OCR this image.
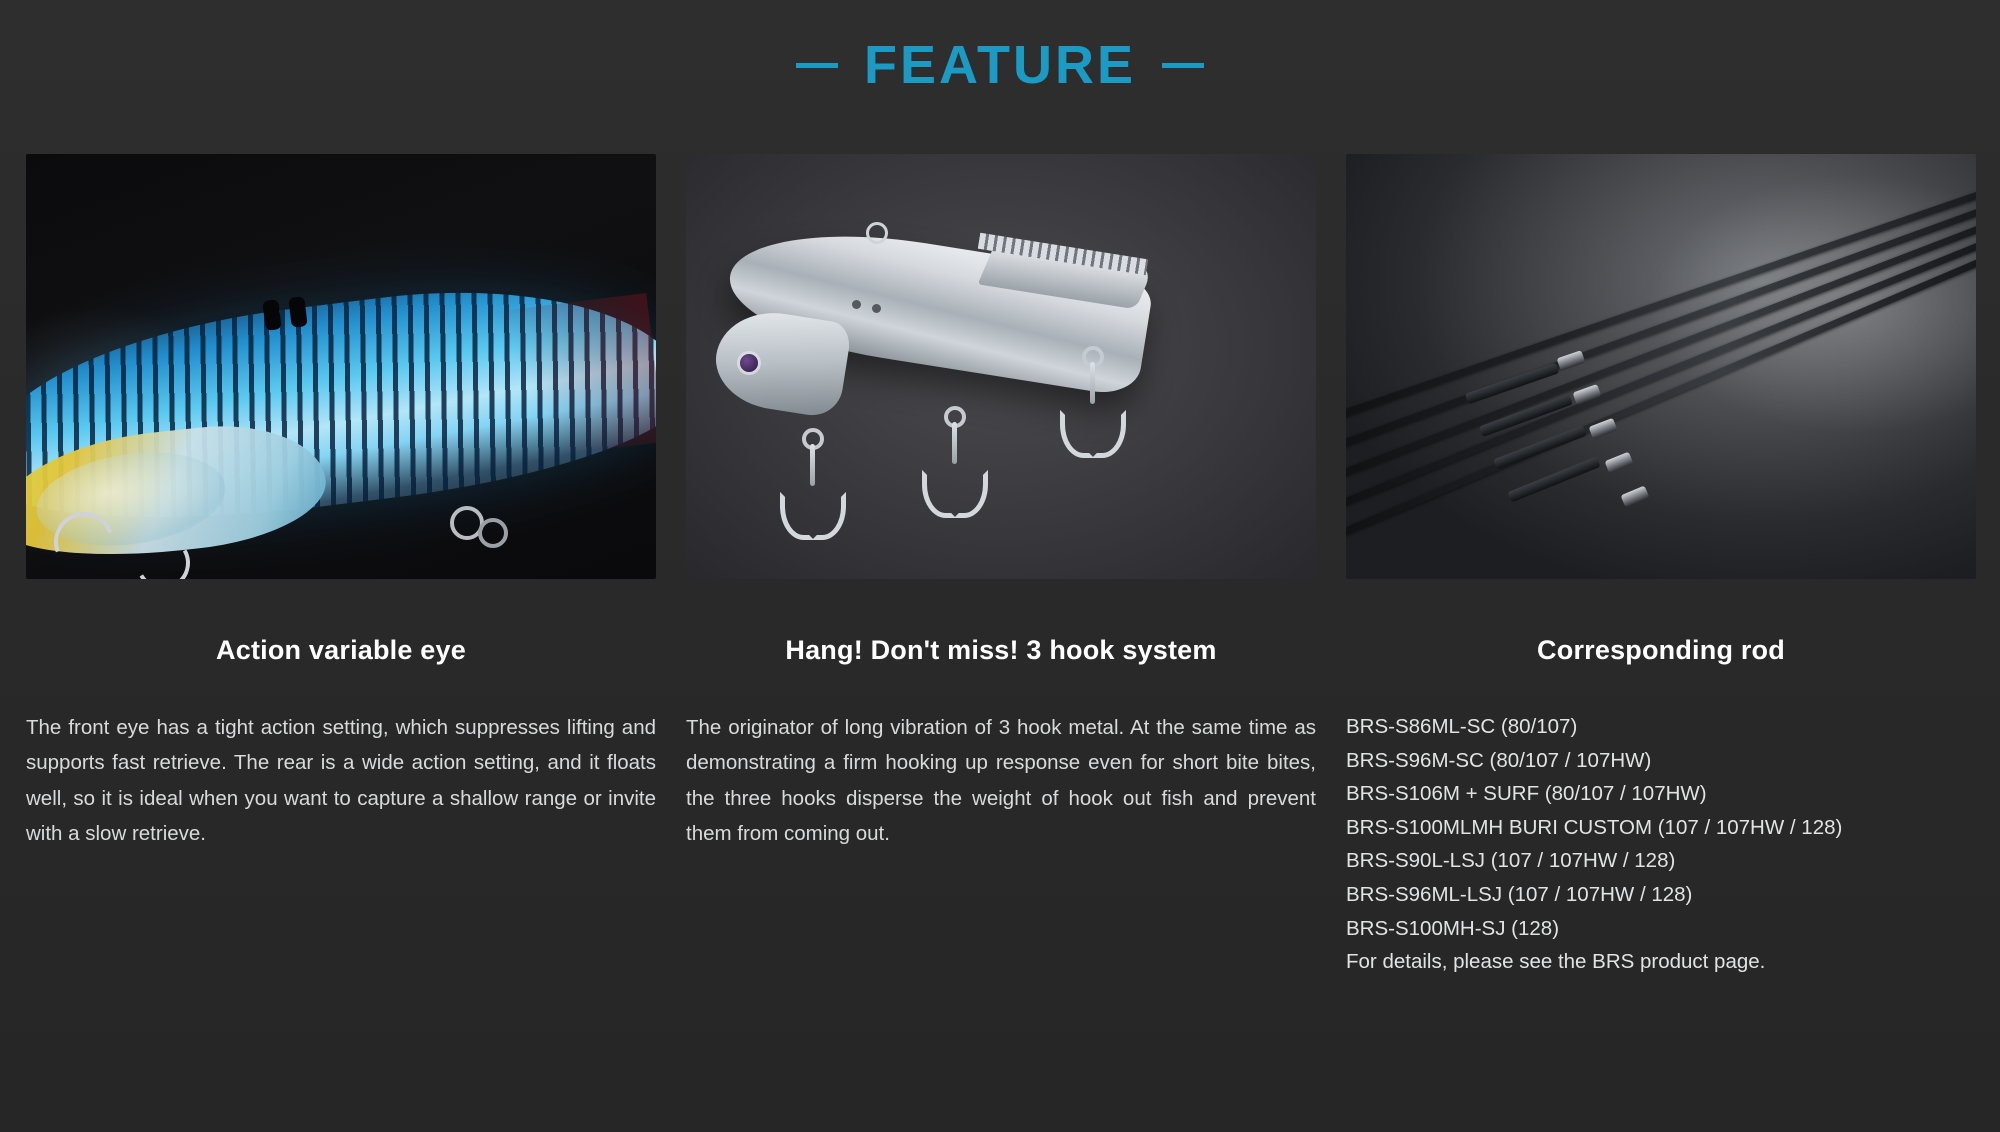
FEATURE
Action variable eye
The front eye has a tight action setting, which suppresses lifting and supports fast retrieve. The rear is a wide action setting, and it floats well, so it is ideal when you want to capture a shallow range or invite with a slow retrieve.
Hang! Don't miss! 3 hook system
The originator of long vibration of 3 hook metal. At the same time as demonstrating a firm hooking up response even for short bite bites, the three hooks disperse the weight of hook out fish and prevent them from coming out.
Corresponding rod
BRS-S86ML-SC (80/107)
BRS-S96M-SC (80/107 / 107HW)
BRS-S106M + SURF (80/107 / 107HW)
BRS-S100MLMH BURI CUSTOM (107 / 107HW / 128)
BRS-S90L-LSJ (107 / 107HW / 128)
BRS-S96ML-LSJ (107 / 107HW / 128)
BRS-S100MH-SJ (128)
For details, please see the BRS product page.
